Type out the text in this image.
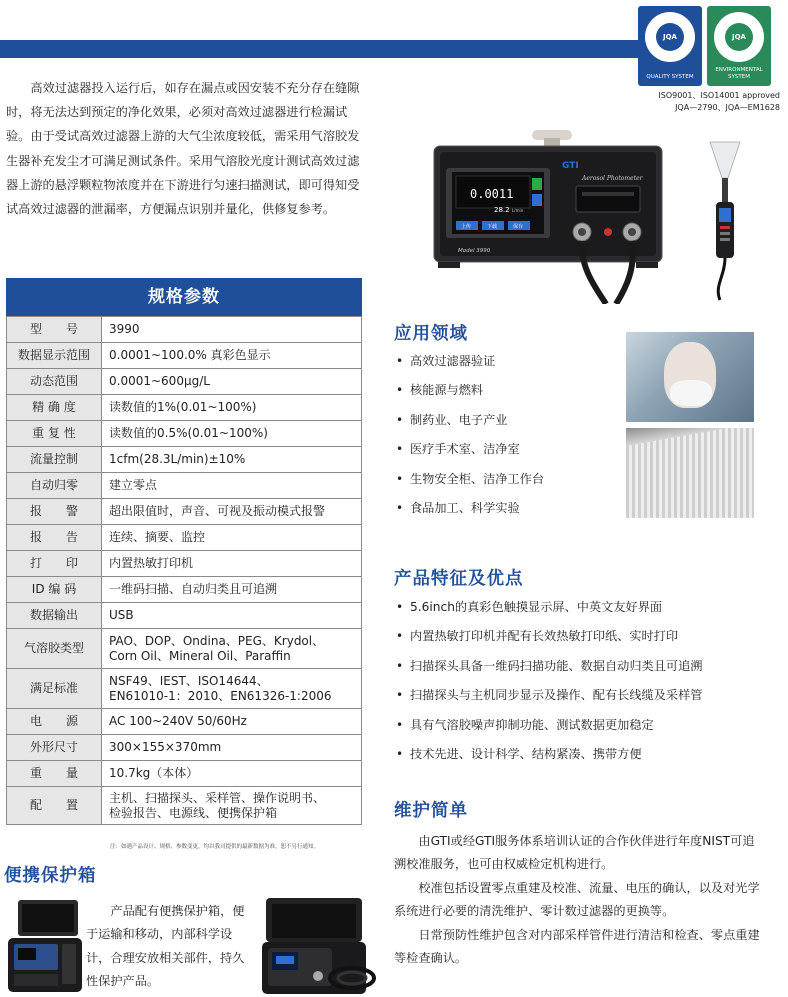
JQA
QUALITY SYSTEM
JQA
ENVIRONMENTAL SYSTEM
ISO9001、ISO14001 approved
JQA—2790、JQA—EM1628

高效过滤器投入运行后，如存在漏点或因安装不充分存在缝隙时，将无法达到预定的净化效果，必须对高效过滤器进行检漏试验。由于受试高效过滤器上游的大气尘浓度较低，需采用气溶胶发生器补充发尘才可满足测试条件。采用气溶胶光度计测试高效过滤器上游的悬浮颗粒物浓度并在下游进行匀速扫描测试，即可得知受试高效过滤器的泄漏率，方便漏点识别并量化，供修复参考。

0.0011
28.2 L/min
上传	下载	保存
GTI
Aerosol Photometer
Model 3990
规格参数
型　　号	3990
数据显示范围	0.0001~100.0% 真彩色显示
动态范围	0.0001~600μg/L
精 确 度	读数值的1%(0.01~100%)
重 复 性	读数值的0.5%(0.01~100%)
流量控制	1cfm(28.3L/min)±10%
自动归零	建立零点
报　　警	超出限值时，声音、可视及振动模式报警
报　　告	连续、摘要、监控
打　　印	内置热敏打印机
ID 编 码	一维码扫描、自动归类且可追溯
数据输出	USB
气溶胶类型	PAO、DOP、Ondina、PEG、Krydol、
Corn Oil、Mineral Oil、Paraffin
满足标准	NSF49、IEST、ISO14644、
EN61010-1：2010、EN61326-1:2006
电　　源	AC 100~240V 50/60Hz
外形尺寸	300×155×370mm
重　　量	10.7kg（本体）
配　　置	主机、扫描探头、采样管、操作说明书、
检验报告、电源线、便携保护箱
注：如遇产品设计、规格、参数变更，均以我司提供的最新数据为准，恕不另行通知。
应用领域
• 高效过滤器验证
• 核能源与燃料
• 制药业、电子产业
• 医疗手术室、洁净室
• 生物安全柜、洁净工作台
• 食品加工、科学实验
产品特征及优点
• 5.6inch的真彩色触摸显示屏、中英文友好界面
• 内置热敏打印机并配有长效热敏打印纸、实时打印
• 扫描探头具备一维码扫描功能、数据自动归类且可追溯
• 扫描探头与主机同步显示及操作、配有长线缆及采样管
• 具有气溶胶噪声抑制功能、测试数据更加稳定
• 技术先进、设计科学、结构紧凑、携带方便
维护简单

由GTI或经GTI服务体系培训认证的合作伙伴进行年度NIST可追溯校准服务，也可由权威检定机构进行。

校准包括设置零点重建及校准、流量、电压的确认，以及对光学系统进行必要的清洗维护、零计数过滤器的更换等。

日常预防性维护包含对内部采样管件进行清洁和检查、零点重建等检查确认。

便携保护箱

产品配有便携保护箱，便于运输和移动，内部科学设计，合理安放相关部件，持久性保护产品。
